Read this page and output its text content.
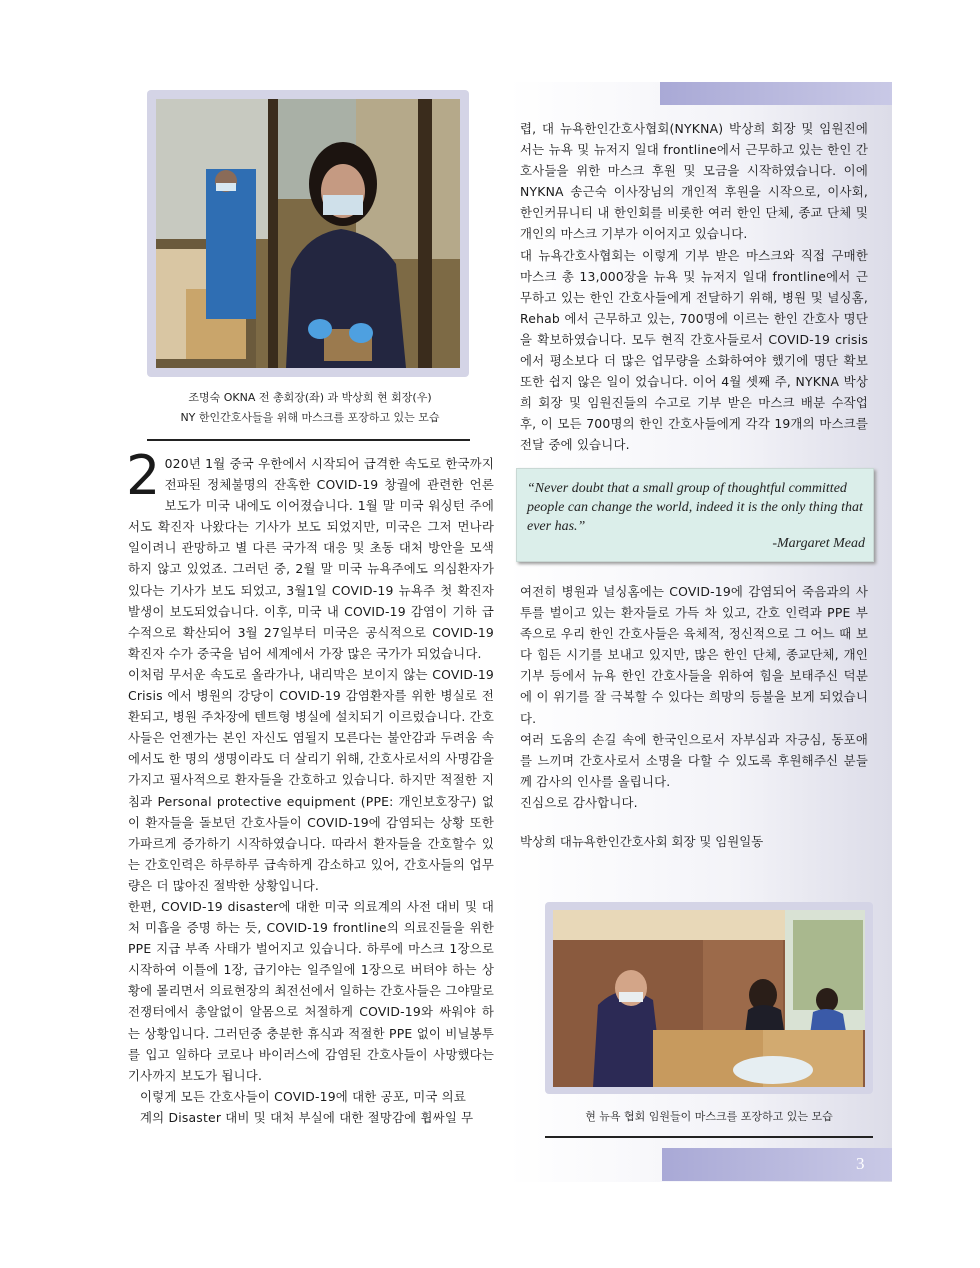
3
조명숙 OKNA 전 총회장(좌) 과 박상희 현 회장(우)
NY 한인간호사들을 위해 마스크를 포장하고 있는 모습

2 020년 1월 중국 우한에서 시작되어 급격한 속도로 한국까지 전파된 정체불명의 잔혹한 COVID-19 창궐에 관련한 언론 보도가 미국 내에도 이어졌습니다. 1월 말 미국 워싱턴 주에서도 확진자 나왔다는 기사가 보도 되었지만, 미국은 그저 먼나라 일이려니 관망하고 별 다른 국가적 대응 및 초동 대처 방안을 모색하지 않고 있었죠. 그러던 중, 2월 말 미국 뉴욕주에도 의심환자가 있다는 기사가 보도 되었고, 3월1일 COVID-19 뉴욕주 첫 확진자 발생이 보도되었습니다. 이후, 미국 내 COVID-19 감염이 기하 급수적으로 확산되어 3월 27일부터 미국은 공식적으로 COVID-19 확진자 수가 중국을 넘어 세계에서 가장 많은 국가가 되었습니다.

이처럼 무서운 속도로 올라가나, 내리막은 보이지 않는 COVID-19 Crisis 에서 병원의 강당이 COVID-19 감염환자를 위한 병실로 전환되고, 병원 주차장에 텐트형 병실에 설치되기 이르렀습니다. 간호사들은 언젠가는 본인 자신도 염될지 모른다는 불안감과 두려움 속에서도 한 명의 생명이라도 더 살리기 위해, 간호사로서의 사명감을 가지고 필사적으로 환자들을 간호하고 있습니다. 하지만 적절한 지침과 Personal protective equipment (PPE: 개인보호장구) 없이 환자들을 돌보던 간호사들이 COVID-19에 감염되는 상황 또한 가파르게 증가하기 시작하였습니다. 따라서 환자들을 간호할수 있는 간호인력은 하루하루 급속하게 감소하고 있어, 간호사들의 업무량은 더 많아진 절박한 상황입니다.

한편, COVID-19 disaster에 대한 미국 의료계의 사전 대비 및 대처 미흡을 증명 하는 듯, COVID-19 frontline의 의료진들을 위한 PPE 지급 부족 사태가 벌어지고 있습니다. 하루에 마스크 1장으로 시작하여 이틀에 1장, 급기야는 일주일에 1장으로 버텨야 하는 상황에 몰리면서 의료현장의 최전선에서 일하는 간호사들은 그야말로 전쟁터에서 총알없이 알몸으로 처절하게 COVID-19와 싸워야 하는 상황입니다. 그러던중 충분한 휴식과 적절한 PPE 없이 비닐봉투를 입고 일하다 코로나 바이러스에 감염된 간호사들이 사망했다는 기사까지 보도가 됩니다.

이렇게 모든 간호사들이 COVID-19에 대한 공포, 미국 의료

계의 Disaster 대비 및 대처 부실에 대한 절망감에 휩싸일 무

렵, 대 뉴욕한인간호사협회(NYKNA) 박상희 회장 및 임원진에서는 뉴욕 및 뉴저지 일대 frontline에서 근무하고 있는 한인 간호사들을 위한 마스크 후원 및 모금을 시작하였습니다. 이에 NYKNA 송근숙 이사장님의 개인적 후원을 시작으로, 이사회, 한인커뮤니티 내 한인회를 비롯한 여러 한인 단체, 종교 단체 및 개인의 마스크 기부가 이어지고 있습니다.

대 뉴욕간호사협회는 이렇게 기부 받은 마스크와 직접 구매한 마스크 총 13,000장을 뉴욕 및 뉴저지 일대 frontline에서 근무하고 있는 한인 간호사들에게 전달하기 위해, 병원 및 널싱홈, Rehab 에서 근무하고 있는, 700명에 이르는 한인 간호사 명단을 확보하였습니다. 모두 현직 간호사들로서 COVID-19 crisis에서 평소보다 더 많은 업무량을 소화하여야 했기에 명단 확보 또한 쉽지 않은 일이 었습니다. 이어 4월 셋째 주, NYKNA 박상희 회장 및 임원진들의 수고로 기부 받은 마스크 배분 수작업 후, 이 모든 700명의 한인 간호사들에게 각각 19개의 마스크를 전달 중에 있습니다.

“Never doubt that a small group of thoughtful committed people can change the world, indeed it is the only thing that ever has.”
-Margaret Mead

여전히 병원과 널싱홈에는 COVID-19에 감염되어 죽음과의 사투를 벌이고 있는 환자들로 가득 차 있고, 간호 인력과 PPE 부족으로 우리 한인 간호사들은 육체적, 정신적으로 그 어느 때 보다 힘든 시기를 보내고 있지만, 많은 한인 단체, 종교단체, 개인기부 등에서 뉴욕 한인 간호사들을 위하여 힘을 보태주신 덕분에 이 위기를 잘 극복할 수 있다는 희망의 등불을 보게 되었습니다.

여러 도움의 손길 속에 한국인으로서 자부심과 자긍심, 동포애를 느끼며 간호사로서 소명을 다할 수 있도록 후원해주신 분들께 감사의 인사를 올립니다.

진심으로 감사합니다.

박상희 대뉴욕한인간호사회 회장 및 임원일동
현 뉴욕 협회 임원들이 마스크를 포장하고 있는 모습
